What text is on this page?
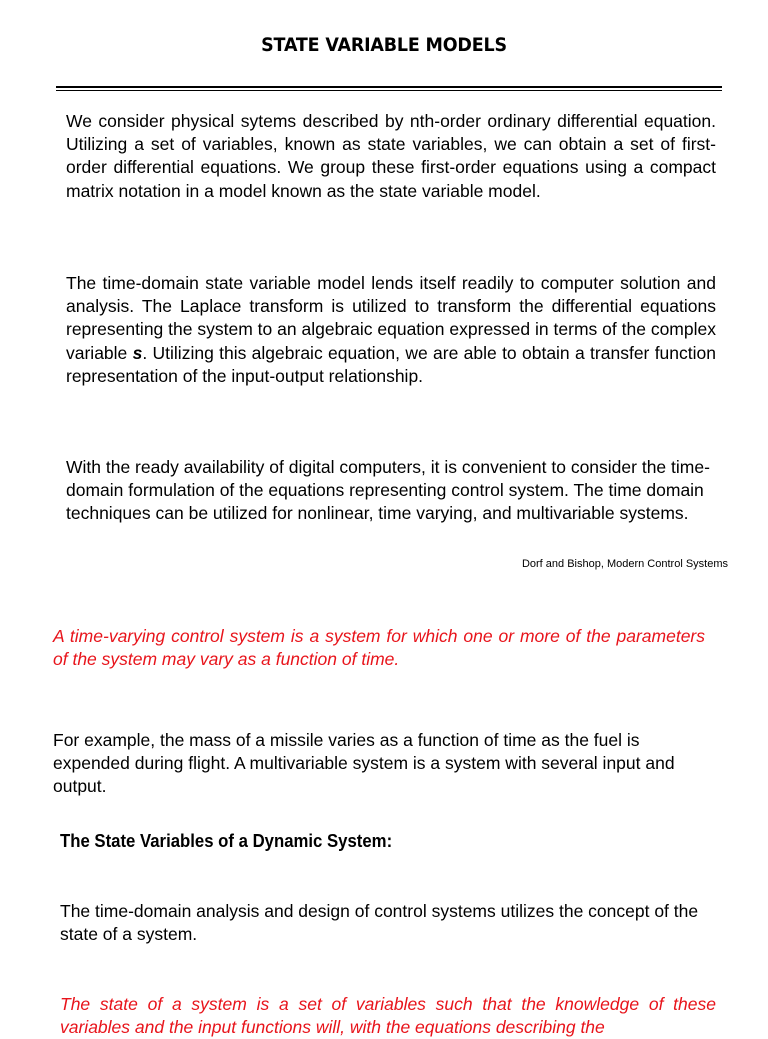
STATE VARIABLE MODELS

We consider physical sytems described by nth-order ordinary differential equation. Utilizing a set of variables, known as state variables, we can obtain a set of first-order differential equations. We group these first-order equations using a compact matrix notation in a model known as the state variable model.

The time-domain state variable model lends itself readily to computer solution and analysis. The Laplace transform is utilized to transform the differential equations representing the system to an algebraic equation expressed in terms of the complex variable s. Utilizing this algebraic equation, we are able to obtain a transfer function representation of the input-output relationship.

With the ready availability of digital computers, it is convenient to consider the time-domain formulation of the equations representing control system. The time domain techniques can be utilized for nonlinear, time varying, and multivariable systems.

Dorf and Bishop, Modern Control Systems

A time-varying control system is a system for which one or more of the parameters of the system may vary as a function of time.

For example, the mass of a missile varies as a function of time as the fuel is expended during flight. A multivariable system is a system with several input and output.

The State Variables of a Dynamic System:

The time-domain analysis and design of control systems utilizes the concept of the state of a system.

The state of a system is a set of variables such that the knowledge of these variables and the input functions will, with the equations describing the
